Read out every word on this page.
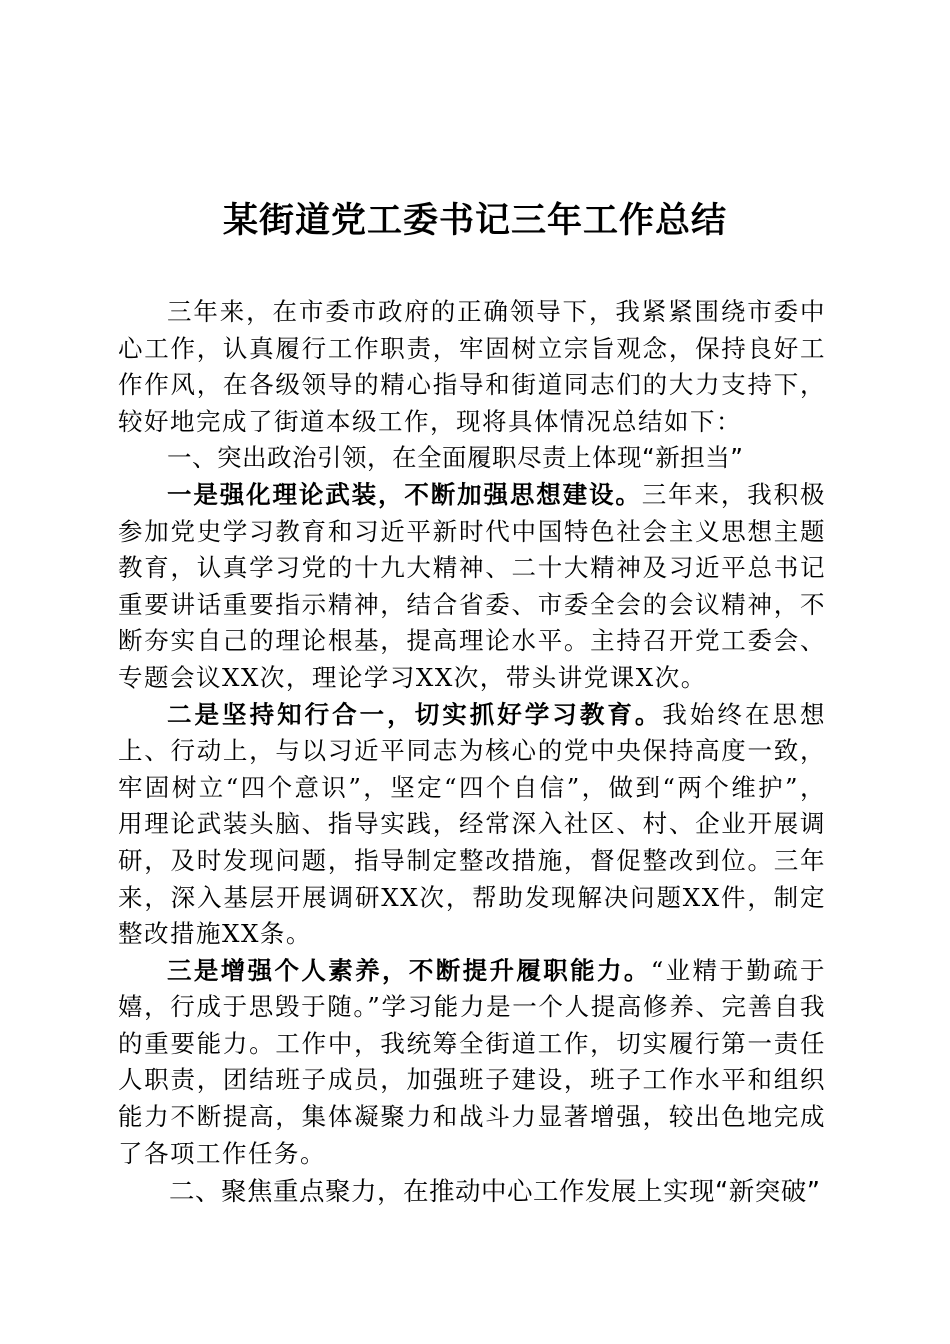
某街道党工委书记三年工作总结

三年来，在市委市政府的正确领导下，我紧紧围绕市委中心工作，认真履行工作职责，牢固树立宗旨观念，保持良好工作作风，在各级领导的精心指导和街道同志们的大力支持下，较好地完成了街道本级工作，现将具体情况总结如下：

一、突出政治引领，在全面履职尽责上体现“新担当”

一是强化理论武装，不断加强思想建设。三年来，我积极参加党史学习教育和习近平新时代中国特色社会主义思想主题教育，认真学习党的十九大精神、二十大精神及习近平总书记重要讲话重要指示精神，结合省委、市委全会的会议精神，不断夯实自己的理论根基，提高理论水平。主持召开党工委会、专题会议XX次，理论学习XX次，带头讲党课X次。

二是坚持知行合一，切实抓好学习教育。我始终在思想上、行动上，与以习近平同志为核心的党中央保持高度一致，牢固树立“四个意识”，坚定“四个自信”，做到“两个维护”，用理论武装头脑、指导实践，经常深入社区、村、企业开展调研，及时发现问题，指导制定整改措施，督促整改到位。三年来，深入基层开展调研XX次，帮助发现解决问题XX件，制定整改措施XX条。

三是增强个人素养，不断提升履职能力。“业精于勤疏于嬉，行成于思毁于随。”学习能力是一个人提高修养、完善自我的重要能力。工作中，我统筹全街道工作，切实履行第一责任人职责，团结班子成员，加强班子建设，班子工作水平和组织能力不断提高，集体凝聚力和战斗力显著增强，较出色地完成了各项工作任务。

二、聚焦重点聚力，在推动中心工作发展上实现“新突破”
